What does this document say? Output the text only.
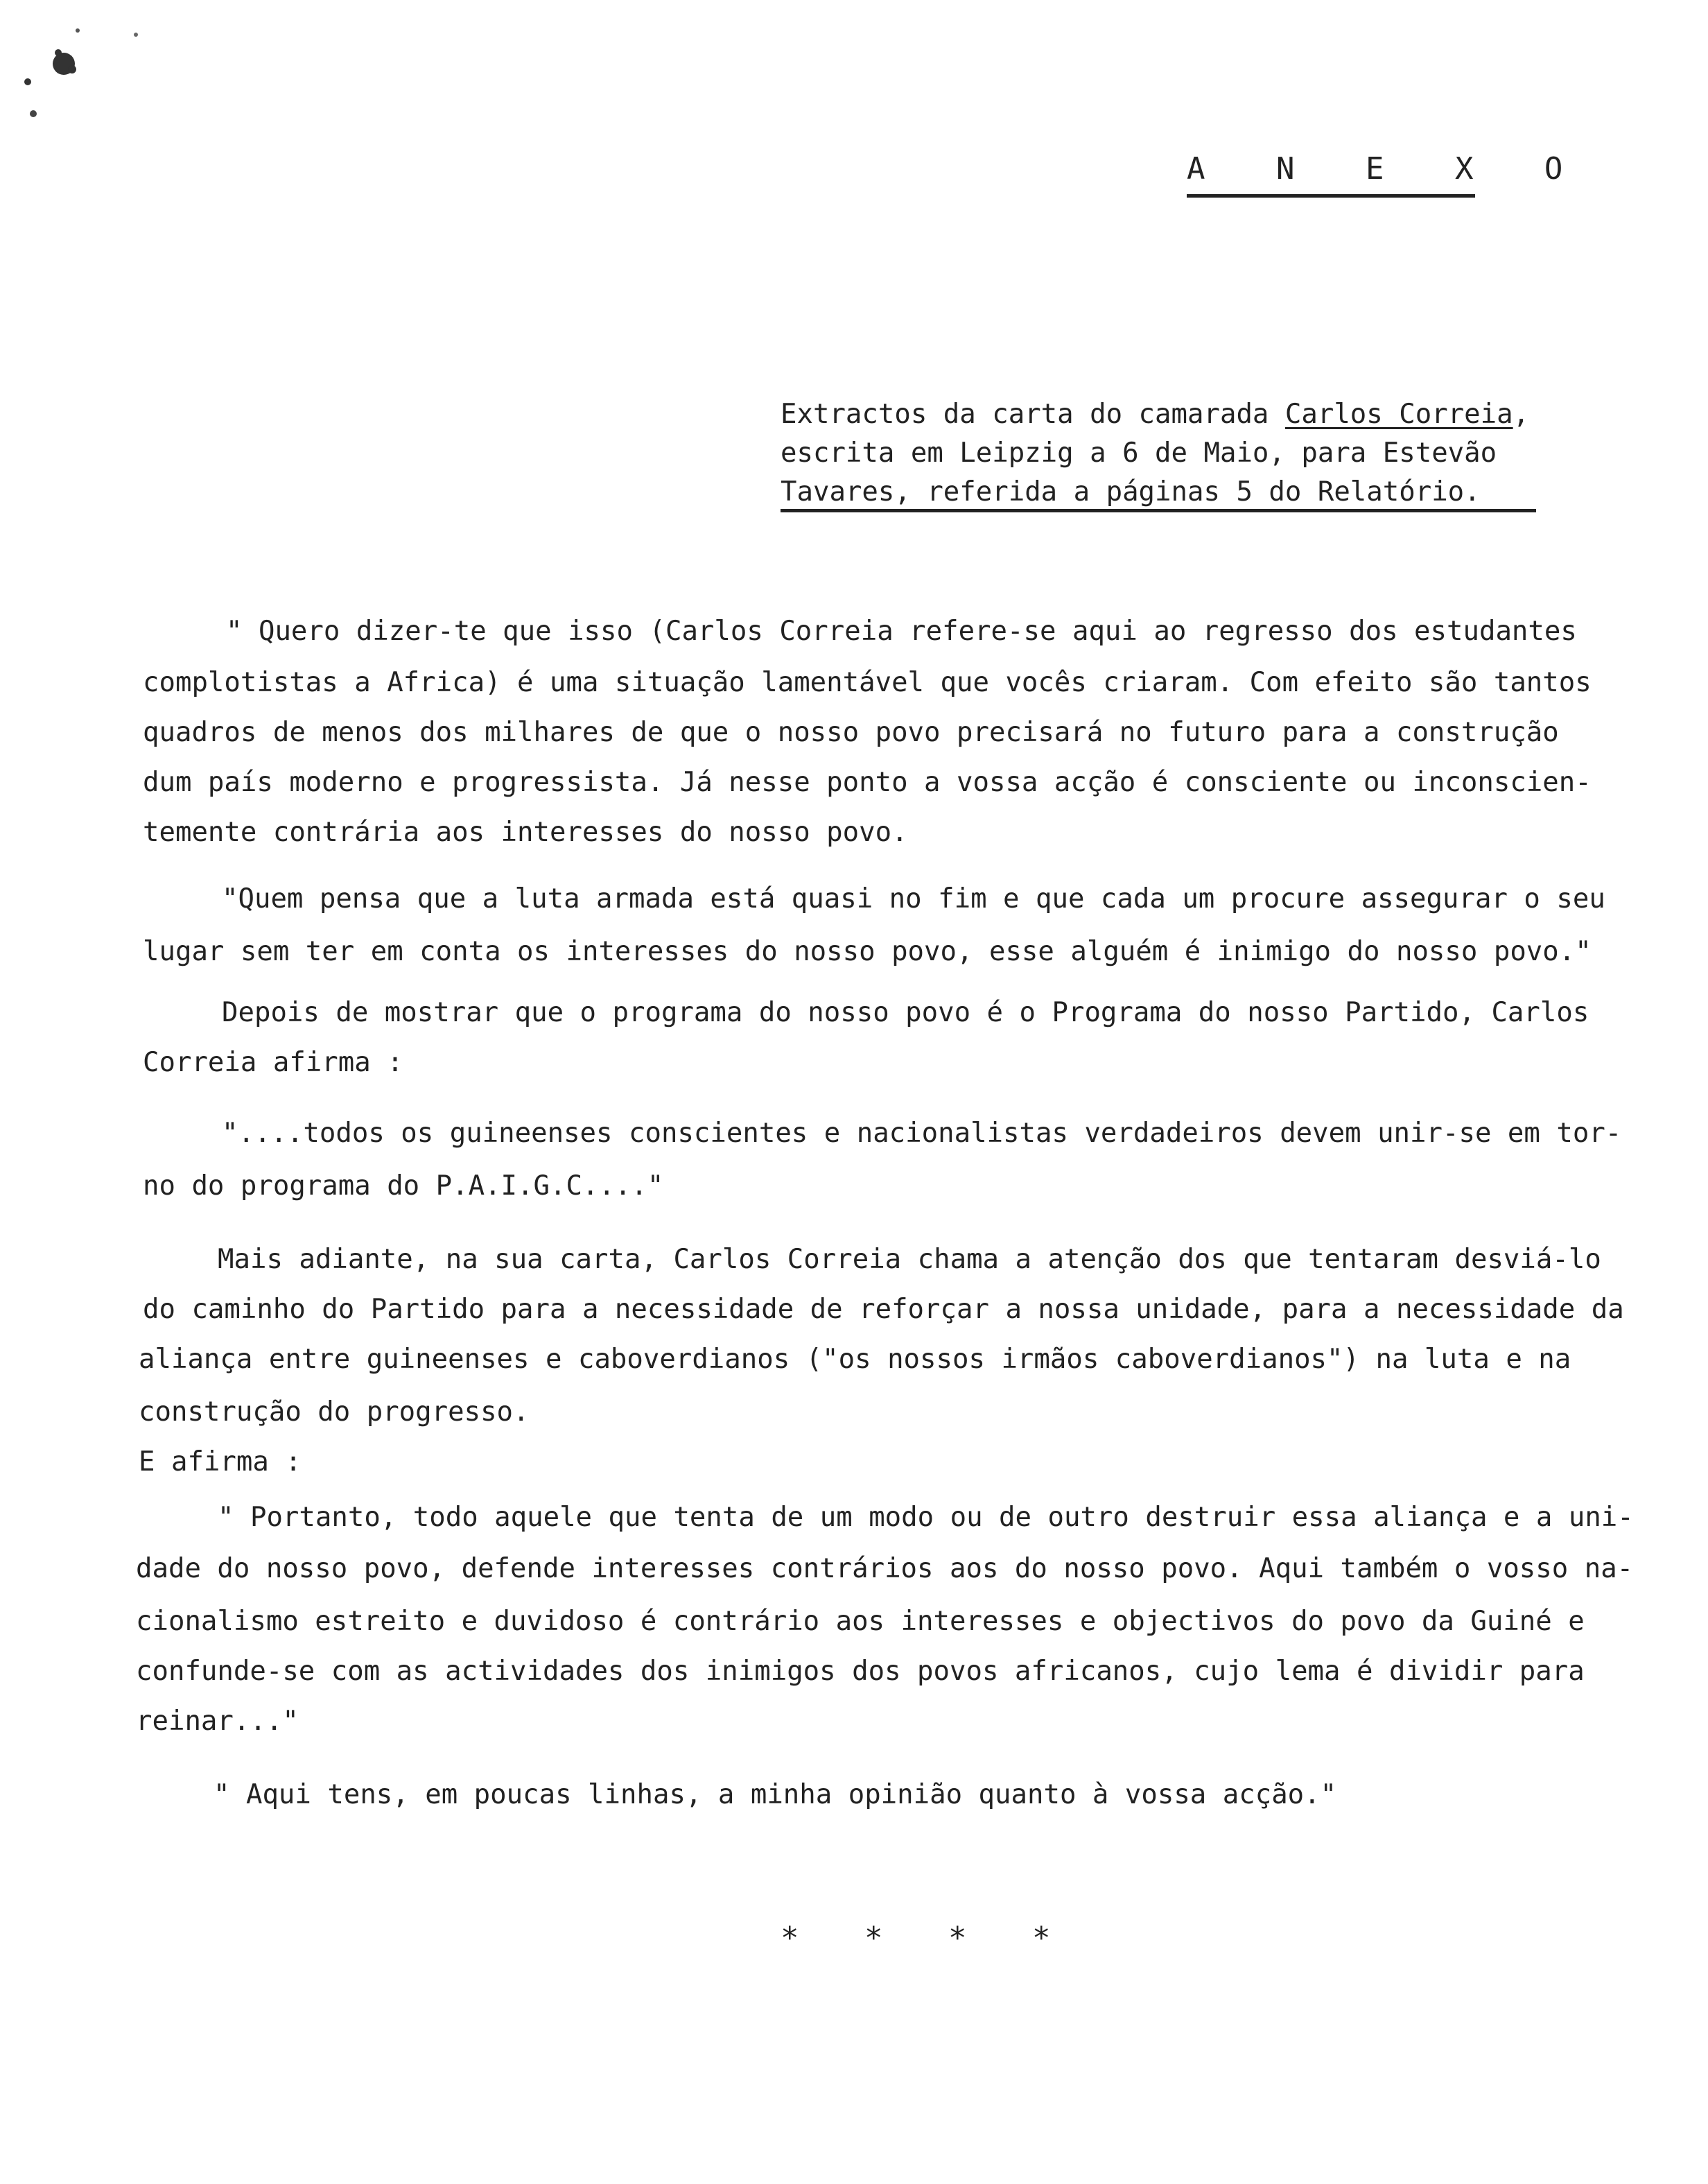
A N E X O
Extractos da carta do camarada Carlos Correia,
escrita em Leipzig a 6 de Maio, para Estevão
Tavares, referida a páginas 5 do Relatório.
" Quero dizer-te que isso (Carlos Correia refere-se aqui ao regresso dos estudantes
complotistas a Africa) é uma situação lamentável que vocês criaram. Com efeito são tantos
quadros de menos dos milhares de que o nosso povo precisará no futuro para a construção
dum país moderno e progressista. Já nesse ponto a vossa acção é consciente ou inconscien-
temente contrária aos interesses do nosso povo.
"Quem pensa que a luta armada está quasi no fim e que cada um procure assegurar o seu
lugar sem ter em conta os interesses do nosso povo, esse alguém é inimigo do nosso povo."
Depois de mostrar que o programa do nosso povo é o Programa do nosso Partido, Carlos
Correia afirma :
"....todos os guineenses conscientes e nacionalistas verdadeiros devem unir-se em tor-
no do programa do P.A.I.G.C...."
Mais adiante, na sua carta, Carlos Correia chama a atenção dos que tentaram desviá-lo
do caminho do Partido para a necessidade de reforçar a nossa unidade, para a necessidade da
aliança entre guineenses e caboverdianos ("os nossos irmãos caboverdianos") na luta e na
construção do progresso.
E afirma :
" Portanto, todo aquele que tenta de um modo ou de outro destruir essa aliança e a uni-
dade do nosso povo, defende interesses contrários aos do nosso povo. Aqui também o vosso na-
cionalismo estreito e duvidoso é contrário aos interesses e objectivos do povo da Guiné e
confunde-se com as actividades dos inimigos dos povos africanos, cujo lema é dividir para
reinar..."
" Aqui tens, em poucas linhas, a minha opinião quanto à vossa acção."
* * * *
